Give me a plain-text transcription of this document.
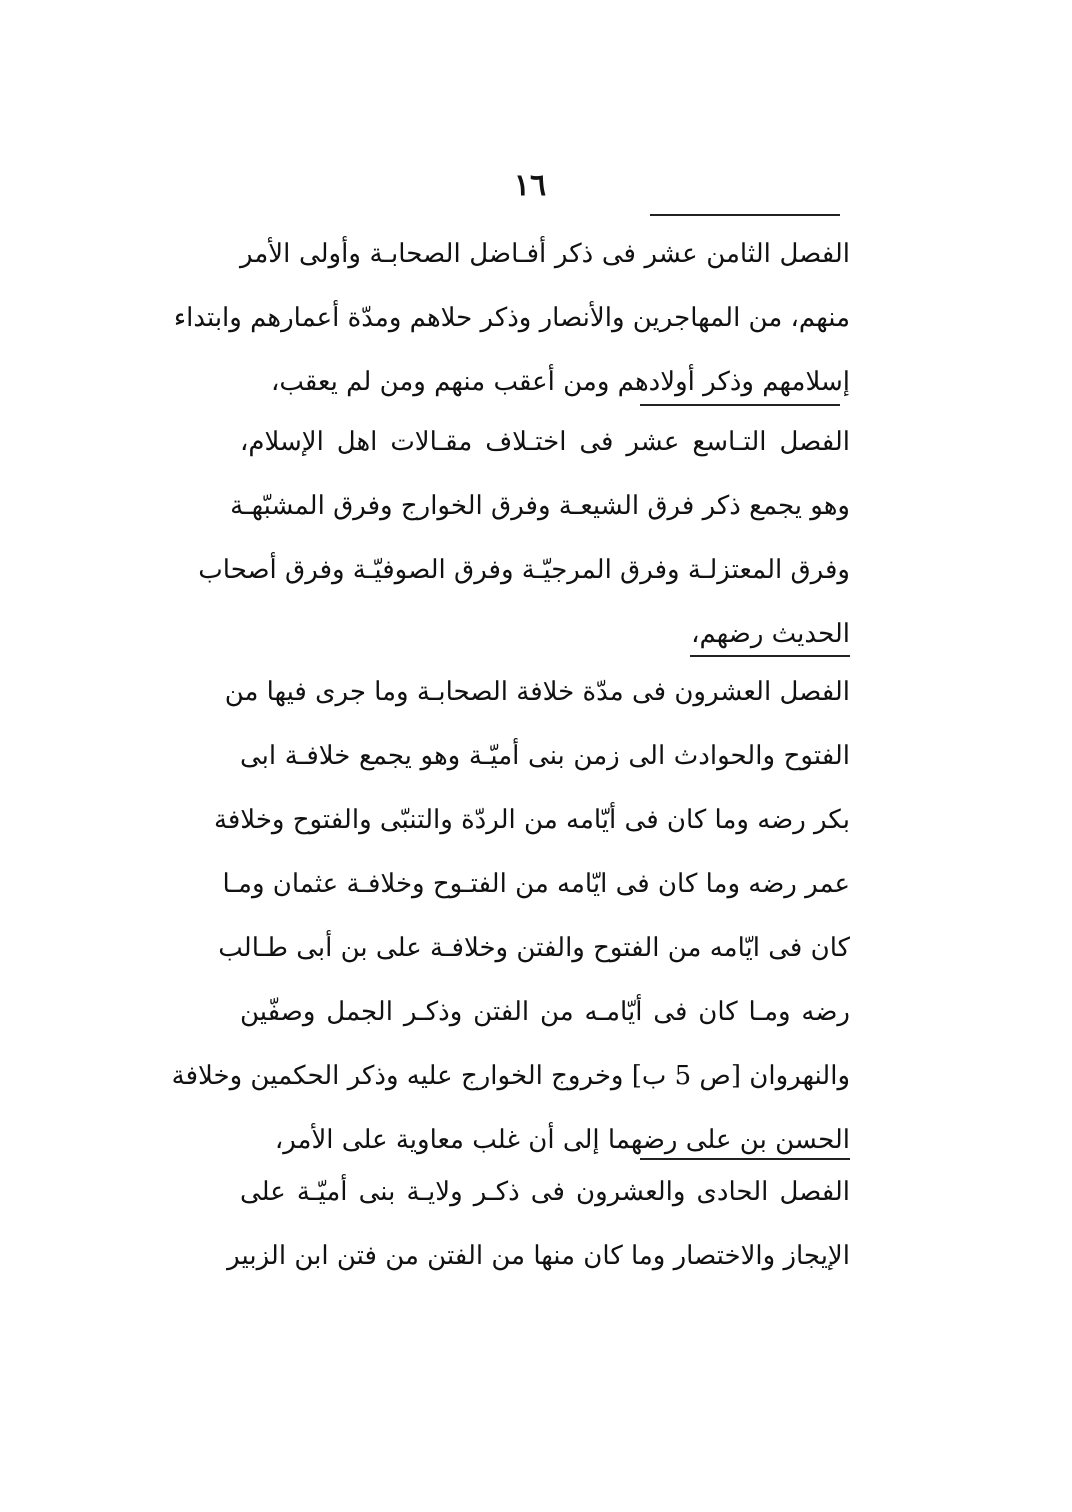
١٦
الفصل الثامن عشر فى ذكر أفـاضل الصحابـة وأولى الأمر
منهم، من المهاجرين والأنصار وذكر حلاهم ومدّة أعمارهم وابتداء
إسلامهم وذكر أولادهم ومن أعقب منهم ومن لم يعقب،
الفصل التـاسع عشر فى اختـلاف مقـالات اهل الإسلام،
وهو يجمع ذكر فرق الشيعـة وفرق الخوارج وفرق المشبّهـة
وفرق المعتزلـة وفرق المرجيّـة وفرق الصوفيّـة وفرق أصحاب
الحديث رضهم،
الفصل العشرون فى مدّة خلافة الصحابـة وما جرى فيها من
الفتوح والحوادث الى زمن بنى أميّـة وهو يجمع خلافـة ابى
بكر رضه وما كان فى أيّامه من الردّة والتنبّى والفتوح وخلافة
عمر رضه وما كان فى ايّامه من الفتـوح وخلافـة عثمان ومـا
كان فى ايّامه من الفتوح والفتن وخلافـة على بن أبى طـالب
رضه ومـا كان فى أيّامـه من الفتن وذكـر الجمل وصفّين
والنهروان [ص 5 ب] وخروج الخوارج عليه وذكر الحكمين وخلافة
الحسن بن على رضهما إلى أن غلب معاوية على الأمر،
الفصل الحادى والعشرون فى ذكـر ولايـة بنى أميّـة على
الإيجاز والاختصار وما كان منها من الفتن من فتن ابن الزبير
